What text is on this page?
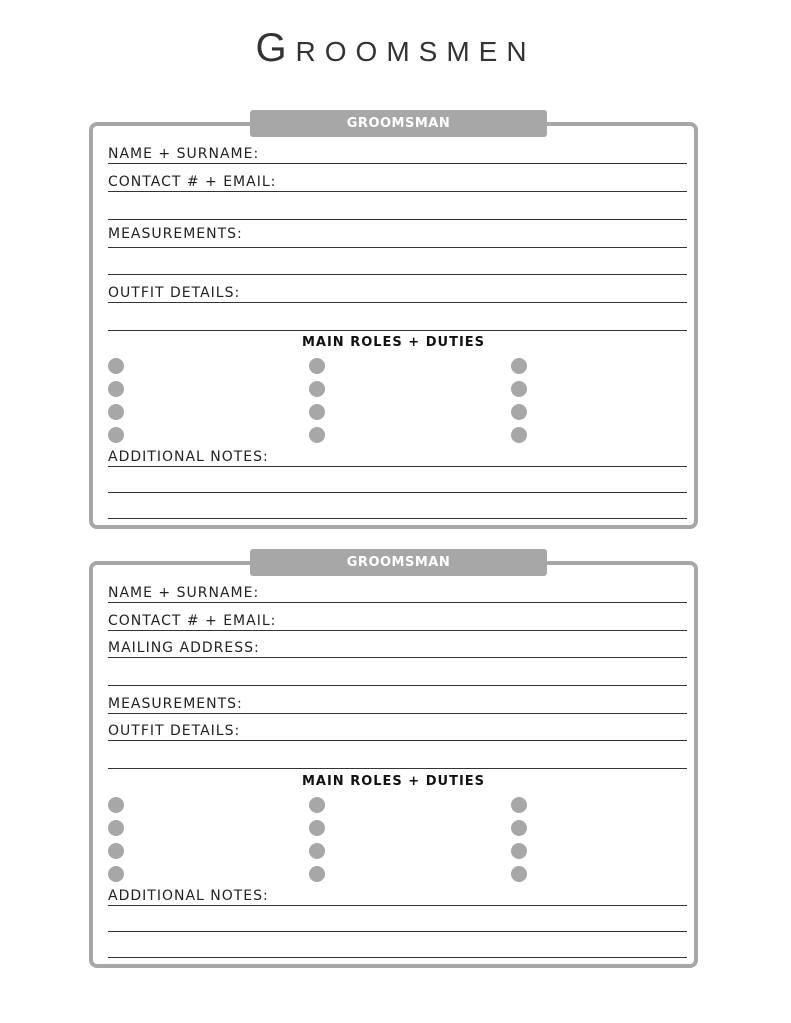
Groomsmen
GROOMSMAN
NAME + SURNAME:
CONTACT # + EMAIL:
MEASUREMENTS:
OUTFIT DETAILS:
MAIN ROLES + DUTIES
ADDITIONAL NOTES:
GROOMSMAN
NAME + SURNAME:
CONTACT # + EMAIL:
MAILING ADDRESS:
MEASUREMENTS:
OUTFIT DETAILS:
MAIN ROLES + DUTIES
ADDITIONAL NOTES:
